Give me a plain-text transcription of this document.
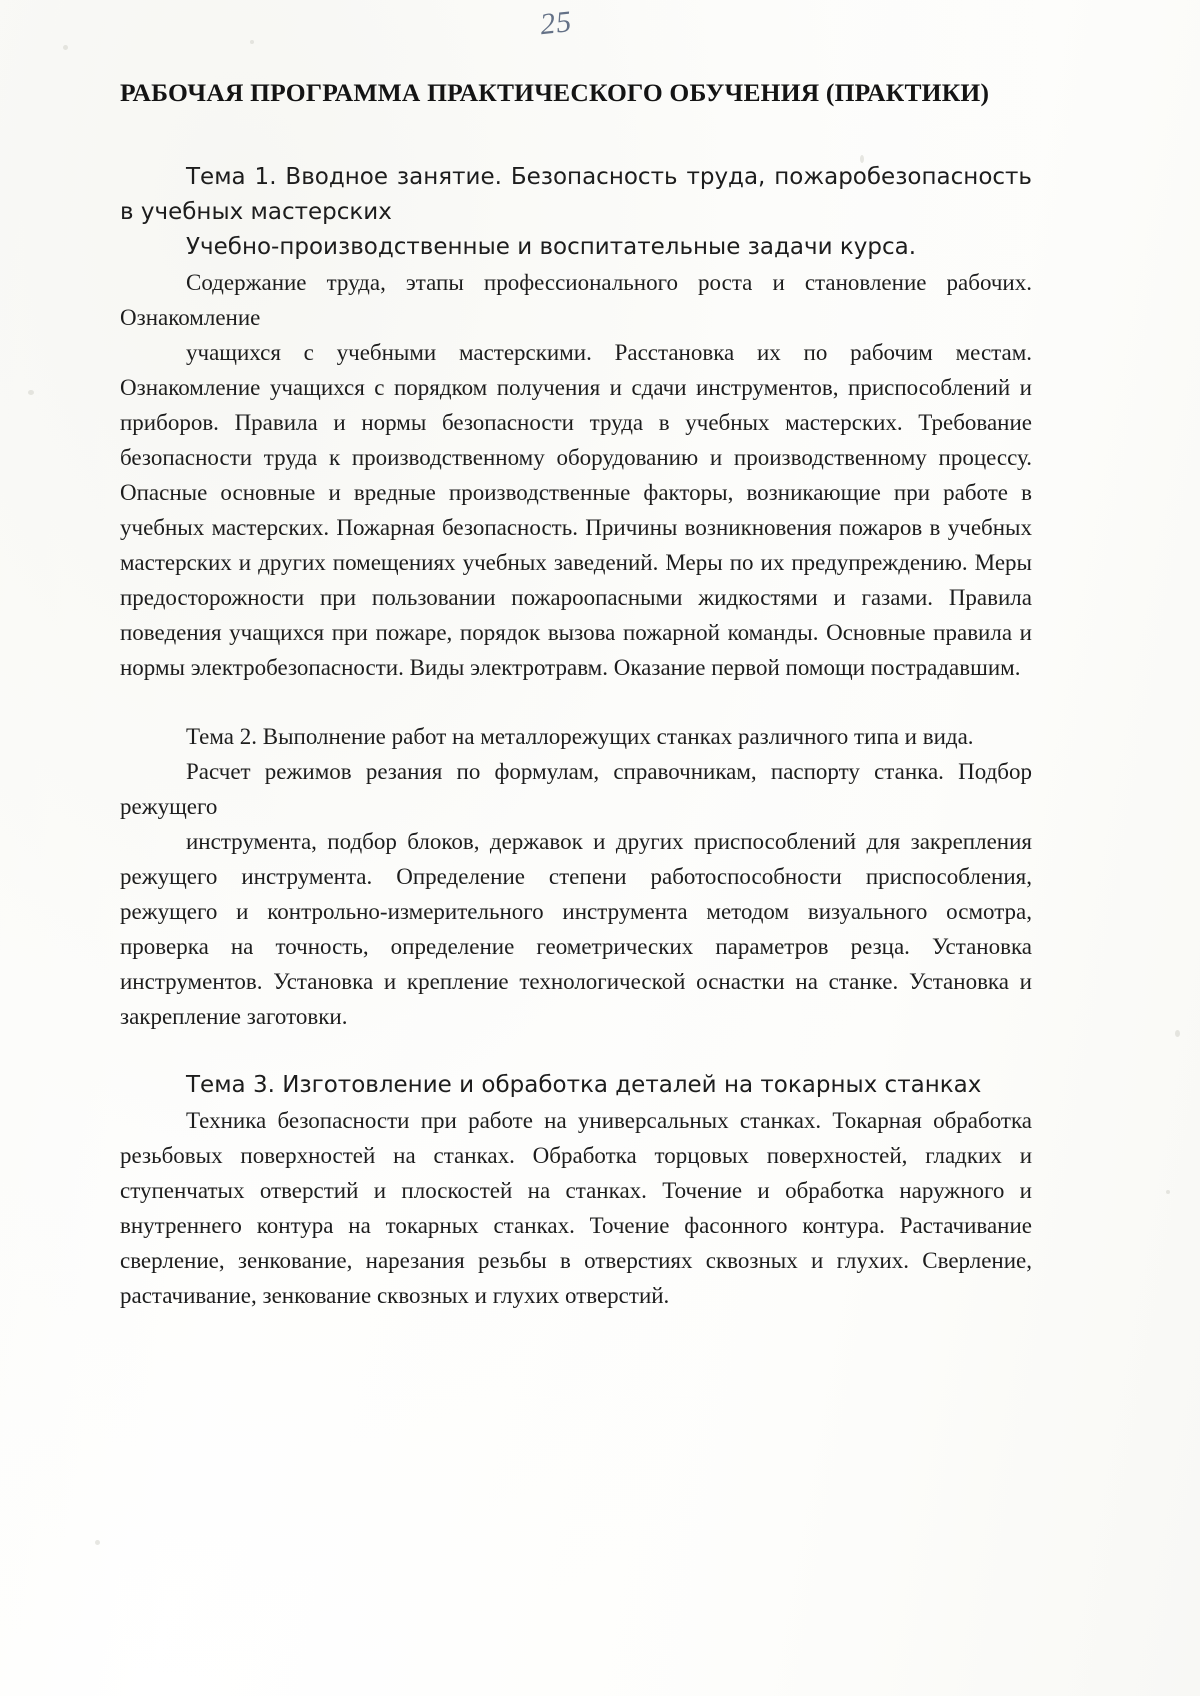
25
РАБОЧАЯ ПРОГРАММА ПРАКТИЧЕСКОГО ОБУЧЕНИЯ (ПРАКТИКИ)

Тема 1. Вводное занятие. Безопасность труда, пожаробезопасность в учебных мастерских

Учебно-производственные и воспитательные задачи курса.

Содержание труда, этапы профессионального роста и становление рабочих. Ознакомление

учащихся с учебными мастерскими. Расстановка их по рабочим местам. Ознакомление учащихся с порядком получения и сдачи инструментов, приспособлений и приборов. Правила и нормы безопасности труда в учебных мастерских. Требование безопасности труда к производственному оборудованию и производственному процессу. Опасные основные и вредные производственные факторы, возникающие при работе в учебных мастерских. Пожарная безопасность. Причины возникновения пожаров в учебных мастерских и других помещениях учебных заведений. Меры по их предупреждению. Меры предосторожности при пользовании пожароопасными жидкостями и газами. Правила поведения учащихся при пожаре, порядок вызова пожарной команды. Основные правила и нормы электробезопасности. Виды электротравм. Оказание первой помощи пострадавшим.

Тема 2. Выполнение работ на металлорежущих станках различного типа и вида.

Расчет режимов резания по формулам, справочникам, паспорту станка. Подбор режущего

инструмента, подбор блоков, державок и других приспособлений для закрепления режущего инструмента. Определение степени работоспособности приспособления, режущего и контрольно-измерительного инструмента методом визуального осмотра, проверка на точность, определение геометрических параметров резца. Установка инструментов. Установка и крепление технологической оснастки на станке. Установка и закрепление заготовки.

Тема 3. Изготовление и обработка деталей на токарных станках

Техника безопасности при работе на универсальных станках. Токарная обработка резьбовых поверхностей на станках. Обработка торцовых поверхностей, гладких и ступенчатых отверстий и плоскостей на станках. Точение и обработка наружного и внутреннего контура на токарных станках. Точение фасонного контура. Растачивание сверление, зенкование, нарезания резьбы в отверстиях сквозных и глухих. Сверление, растачивание, зенкование сквозных и глухих отверстий.
